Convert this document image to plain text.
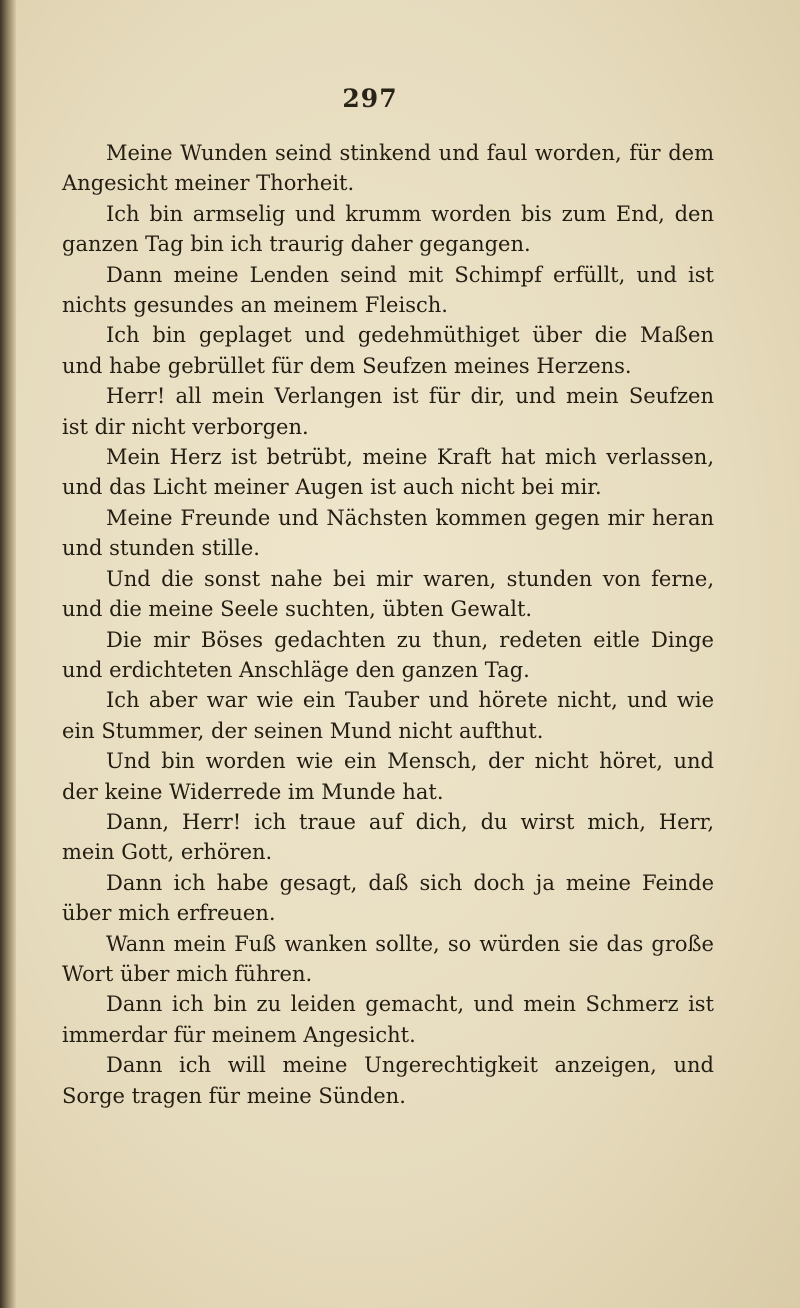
297

Meine Wunden seind stinkend und faul worden, für dem Angesicht meiner Thorheit.

Ich bin armselig und krumm worden bis zum End, den ganzen Tag bin ich traurig daher gegangen.

Dann meine Lenden seind mit Schimpf erfüllt, und ist nichts gesundes an meinem Fleisch.

Ich bin geplaget und gedehmüthiget über die Maßen und habe gebrüllet für dem Seufzen meines Herzens.

Herr! all mein Verlangen ist für dir, und mein Seufzen ist dir nicht verborgen.

Mein Herz ist betrübt, meine Kraft hat mich verlassen, und das Licht meiner Augen ist auch nicht bei mir.

Meine Freunde und Nächsten kommen gegen mir heran und stunden stille.

Und die sonst nahe bei mir waren, stunden von ferne, und die meine Seele suchten, übten Gewalt.

Die mir Böses gedachten zu thun, redeten eitle Dinge und erdichteten Anschläge den ganzen Tag.

Ich aber war wie ein Tauber und hörete nicht, und wie ein Stummer, der seinen Mund nicht aufthut.

Und bin worden wie ein Mensch, der nicht höret, und der keine Widerrede im Munde hat.

Dann, Herr! ich traue auf dich, du wirst mich, Herr, mein Gott, erhören.

Dann ich habe gesagt, daß sich doch ja meine Feinde über mich erfreuen.

Wann mein Fuß wanken sollte, so würden sie das große Wort über mich führen.

Dann ich bin zu leiden gemacht, und mein Schmerz ist immerdar für meinem Angesicht.

Dann ich will meine Ungerechtigkeit anzeigen, und Sorge tragen für meine Sünden.
